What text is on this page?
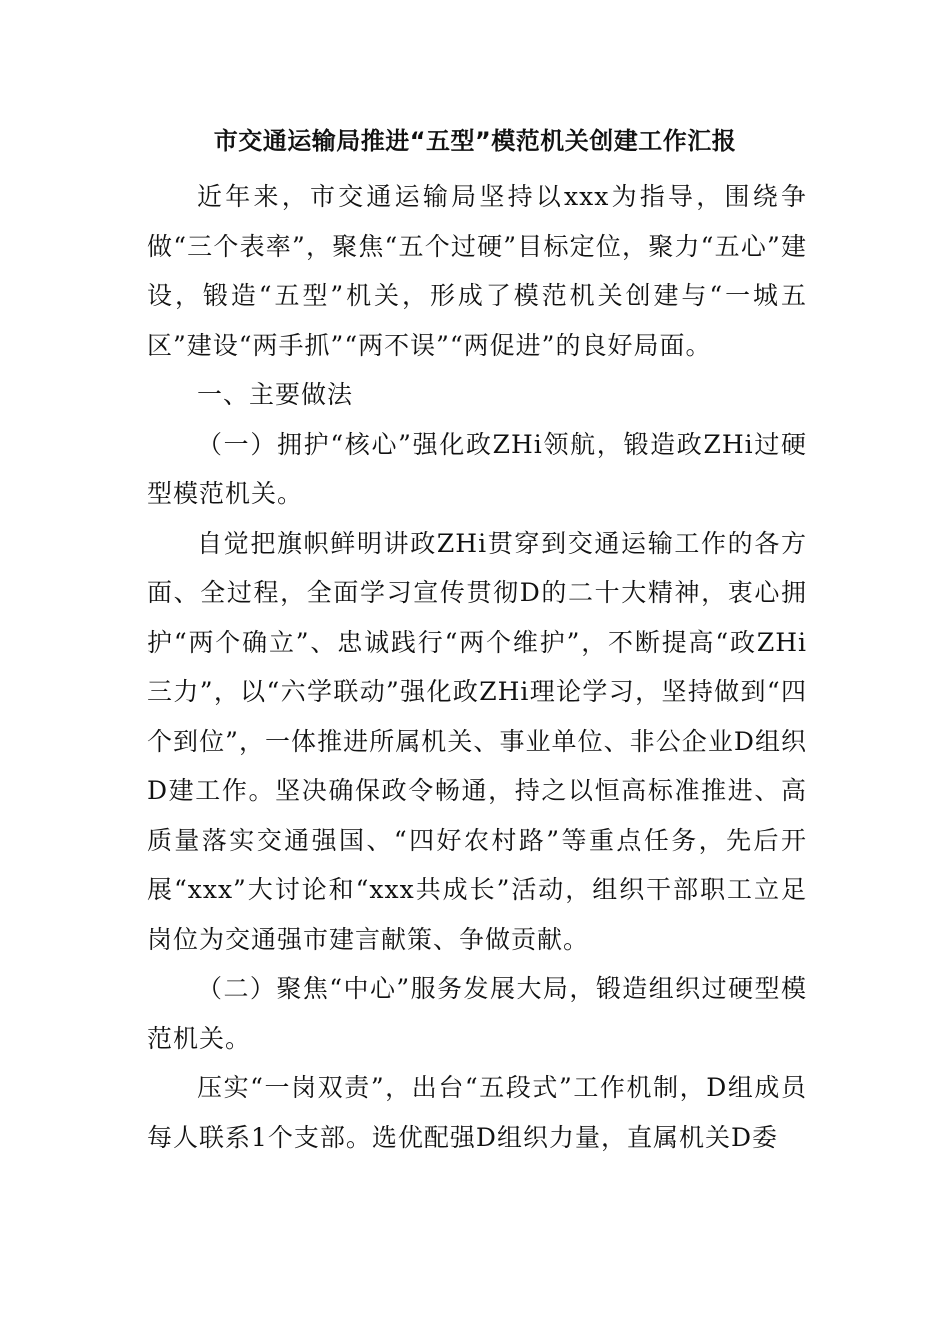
市交通运输局推进“五型”模范机关创建工作汇报

近年来，市交通运输局坚持以xxx为指导，围绕争做“三个表率”，聚焦“五个过硬”目标定位，聚力“五心”建设，锻造“五型”机关，形成了模范机关创建与“一城五区”建设“两手抓”“两不误”“两促进”的良好局面。

一、主要做法

（一）拥护“核心”强化政ZHi领航，锻造政ZHi过硬型模范机关。

自觉把旗帜鲜明讲政ZHi贯穿到交通运输工作的各方面、全过程，全面学习宣传贯彻D的二十大精神，衷心拥护“两个确立”、忠诚践行“两个维护”，不断提高“政ZHi三力”，以“六学联动”强化政ZHi理论学习，坚持做到“四个到位”，一体推进所属机关、事业单位、非公企业D组织D建工作。坚决确保政令畅通，持之以恒高标准推进、高质量落实交通强国、“四好农村路”等重点任务，先后开展“xxx”大讨论和“xxx共成长”活动，组织干部职工立足岗位为交通强市建言献策、争做贡献。

（二）聚焦“中心”服务发展大局，锻造组织过硬型模范机关。

压实“一岗双责”，出台“五段式”工作机制，D组成员每人联系1个支部。选优配强D组织力量，直属机关D委
